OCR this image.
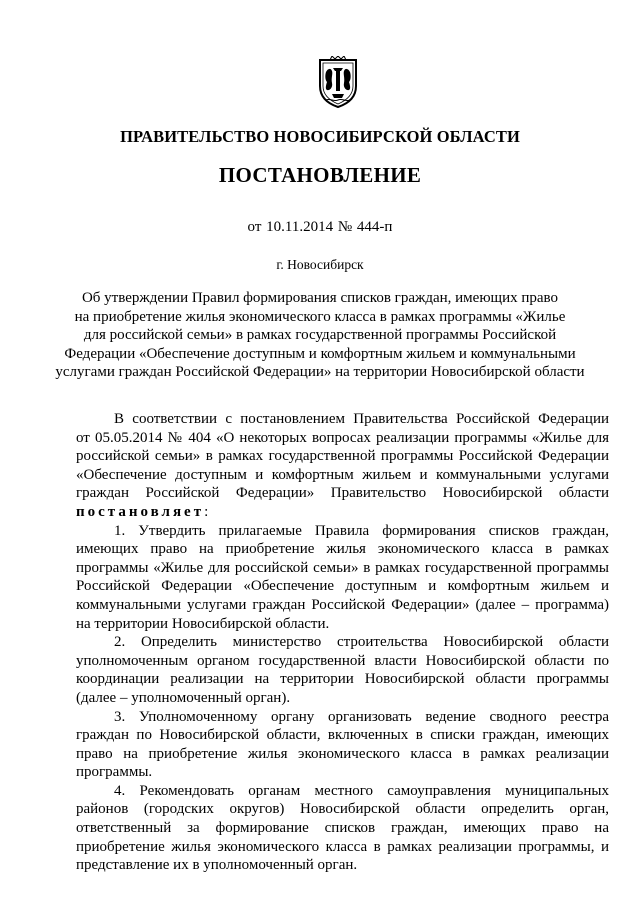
ПРАВИТЕЛЬСТВО НОВОСИБИРСКОЙ ОБЛАСТИ
ПОСТАНОВЛЕНИЕ
от 10.11.2014 № 444-п
г. Новосибирск
Об утверждении Правил формирования списков граждан, имеющих право
на приобретение жилья экономического класса в рамках программы «Жилье
для российской семьи» в рамках государственной программы Российской
Федерации «Обеспечение доступным и комфортным жильем и коммунальными
услугами граждан Российской Федерации» на территории Новосибирской области
В соответствии с постановлением Правительства Российской Федерации
от 05.05.2014 № 404 «О некоторых вопросах реализации программы «Жилье для
российской семьи» в рамках государственной программы Российской Федерации
«Обеспечение доступным и комфортным жильем и коммунальными услугами
граждан Российской Федерации» Правительство Новосибирской области
постановляет:
1. Утвердить прилагаемые Правила формирования списков граждан,
имеющих право на приобретение жилья экономического класса в рамках
программы «Жилье для российской семьи» в рамках государственной программы
Российской Федерации «Обеспечение доступным и комфортным жильем и
коммунальными услугами граждан Российской Федерации» (далее – программа)
на территории Новосибирской области.
2. Определить министерство строительства Новосибирской области
уполномоченным органом государственной власти Новосибирской области по
координации реализации на территории Новосибирской области программы
(далее – уполномоченный орган).
3. Уполномоченному органу организовать ведение сводного реестра
граждан по Новосибирской области, включенных в списки граждан, имеющих
право на приобретение жилья экономического класса в рамках реализации
программы.
4. Рекомендовать органам местного самоуправления муниципальных
районов (городских округов) Новосибирской области определить орган,
ответственный за формирование списков граждан, имеющих право на
приобретение жилья экономического класса в рамках реализации программы, и
представление их в уполномоченный орган.
